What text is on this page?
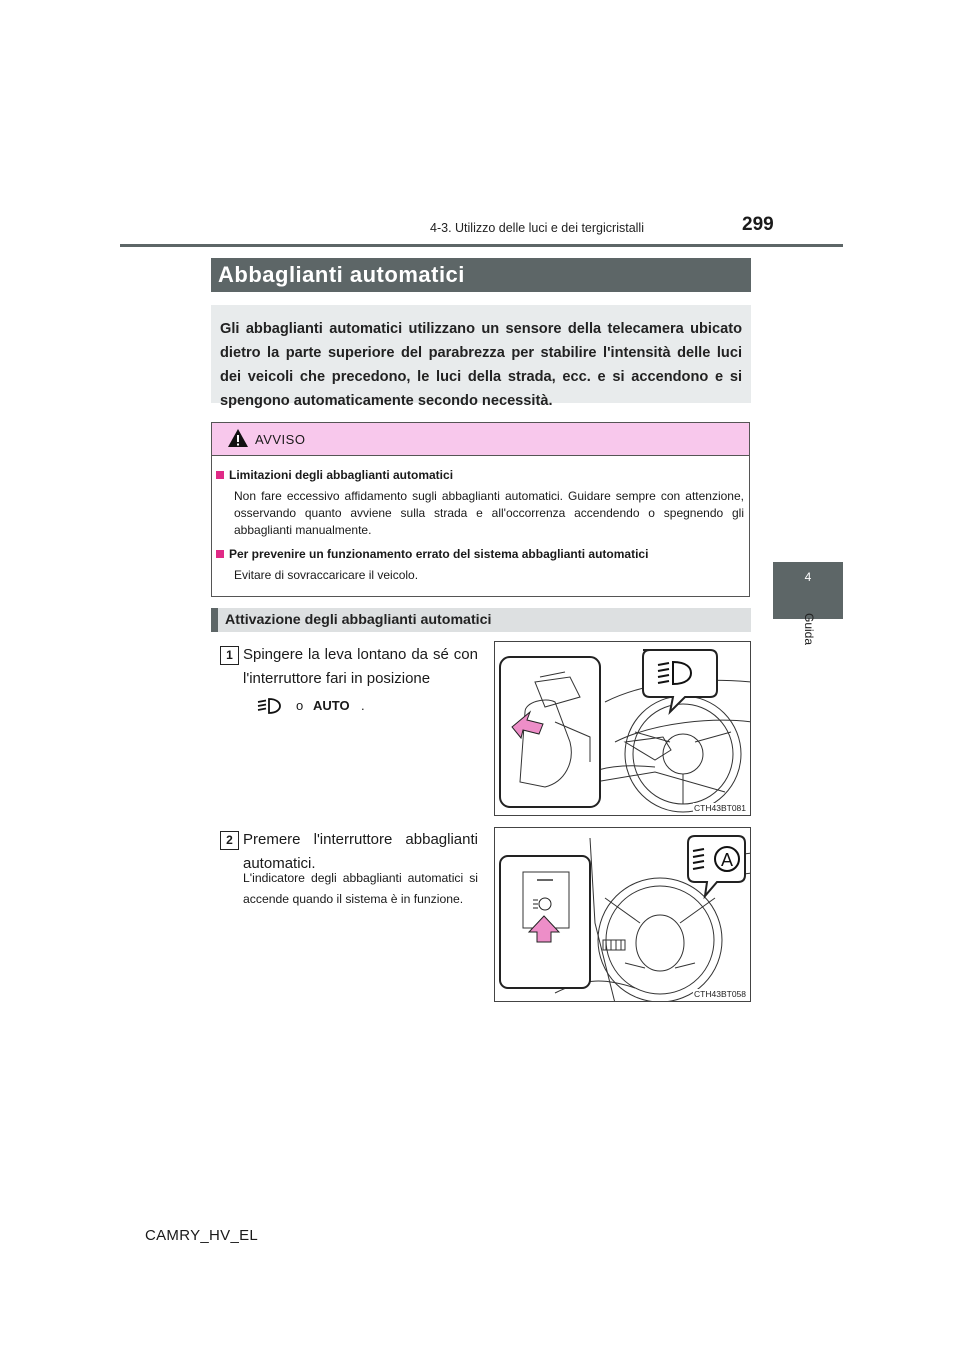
299
4-3. Utilizzo delle luci e dei tergicristalli
4
Guida
Abbaglianti automatici
Gli abbaglianti automatici utilizzano un sensore della telecamera ubicato dietro la parte superiore del parabrezza per stabilire l'intensità delle luci dei veicoli che precedono, le luci della strada, ecc. e si accendono e si spengono automaticamente secondo necessità.
AVVISO
Limitazioni degli abbaglianti automatici
Non fare eccessivo affidamento sugli abbaglianti automatici. Guidare sempre con attenzione, osservando quanto avviene sulla strada e all'occorrenza accendendo o spegnendo gli abbaglianti manualmente.
Per prevenire un funzionamento errato del sistema abbaglianti automatici
Evitare di sovraccaricare il veicolo.
Attivazione degli abbaglianti automatici
1 Spingere la leva lontano da sé con l'interruttore fari in posizione
o AUTO .
CTH43BT081
2 Premere l'interruttore abbaglianti automatici.
L'indicatore degli abbaglianti automatici si accende quando il sistema è in funzione.
A
CTH43BT058
CAMRY_HV_EL
